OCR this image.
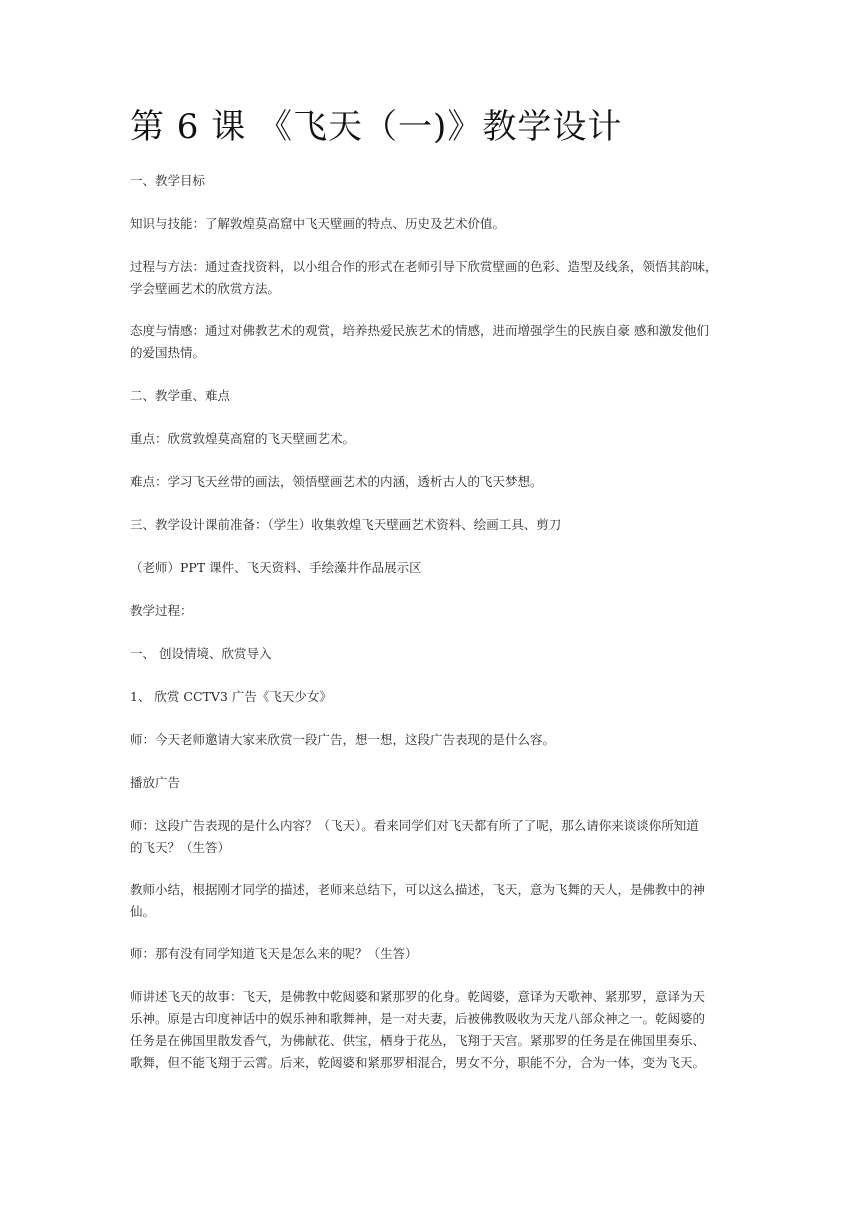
第 6 课 《飞天（一)》教学设计
一、教学目标
知识与技能：了解敦煌莫高窟中飞天壁画的特点、历史及艺术价值。
过程与方法：通过查找资料，以小组合作的形式在老师引导下欣赏壁画的色彩、造型及线条，领悟其韵味，
学会壁画艺术的欣赏方法。
态度与情感：通过对佛教艺术的观赏，培养热爱民族艺术的情感，进而增强学生的民族自豪 感和激发他们
的爱国热情。
二、教学重、难点
重点：欣赏敦煌莫高窟的飞天壁画艺术。
难点：学习飞天丝带的画法，领悟壁画艺术的内涵，透析古人的飞天梦想。
三、教学设计课前准备：（学生）收集敦煌飞天壁画艺术资料、绘画工具、剪刀
（老师）PPT 课件、飞天资料、手绘藻井作品展示区
教学过程：
一、 创设情境、欣赏导入
1、 欣赏 CCTV3 广告《飞天少女》
师：今天老师邀请大家来欣赏一段广告，想一想，这段广告表现的是什么容。
播放广告
师：这段广告表现的是什么内容？（飞天）。看来同学们对飞天都有所了了呢，那么请你来谈谈你所知道
的飞天？（生答）
教师小结，根据刚才同学的描述，老师来总结下，可以这么描述，飞天，意为飞舞的天人，是佛教中的神
仙。
师：那有没有同学知道飞天是怎么来的呢？（生答）
师讲述飞天的故事：飞天，是佛教中乾闼婆和紧那罗的化身。乾闼婆，意译为天歌神、紧那罗，意译为天
乐神。原是古印度神话中的娱乐神和歌舞神，是一对夫妻，后被佛教吸收为天龙八部众神之一。乾闼婆的
任务是在佛国里散发香气，为佛献花、供宝，栖身于花丛，飞翔于天宫。紧那罗的任务是在佛国里奏乐、
歌舞，但不能飞翔于云霄。后来，乾闼婆和紧那罗相混合，男女不分，职能不分，合为一体，变为飞天。
